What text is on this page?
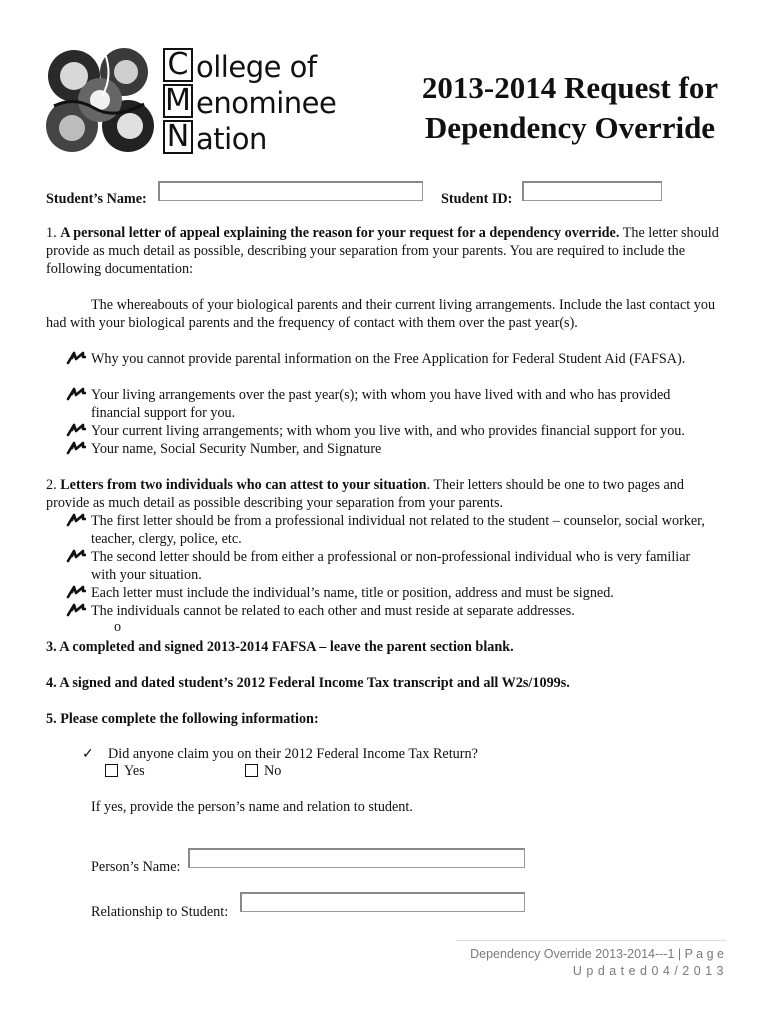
C
M
N
ollege of
enominee
ation
2013-2014 Request for
Dependency Override
Student’s Name:	Student ID:
1. A personal letter of appeal explaining the reason for your request for a dependency override. The letter should provide as much detail as possible, describing your separation from your parents. You are required to include the following documentation:
The whereabouts of your biological parents and their current living arrangements. Include the last contact you had with your biological parents and the frequency of contact with them over the past year(s).
Why you cannot provide parental information on the Free Application for Federal Student Aid (FAFSA).
Your living arrangements over the past year(s); with whom you have lived with and who has provided financial support for you.
Your current living arrangements; with whom you live with, and who provides financial support for you.
Your name, Social Security Number, and Signature
2. Letters from two individuals who can attest to your situation. Their letters should be one to two pages and provide as much detail as possible describing your separation from your parents.
The first letter should be from a professional individual not related to the student – counselor, social worker, teacher, clergy, police, etc.
The second letter should be from either a professional or non-professional individual who is very familiar with your situation.
Each letter must include the individual’s name, title or position, address and must be signed.
The individuals cannot be related to each other and must reside at separate addresses.
o
3. A completed and signed 2013-2014 FAFSA – leave the parent section blank.
4. A signed and dated student’s 2012 Federal Income Tax transcript and all W2s/1099s.
5. Please complete the following information:
✓ Did anyone claim you on their 2012 Federal Income Tax Return?
Yes	No
If yes, provide the person’s name and relation to student.
Person’s Name:
Relationship to Student:
Dependency Override 2013-2014---1 | P a g e
U p d a t e d 0 4 / 2 0 1 3
